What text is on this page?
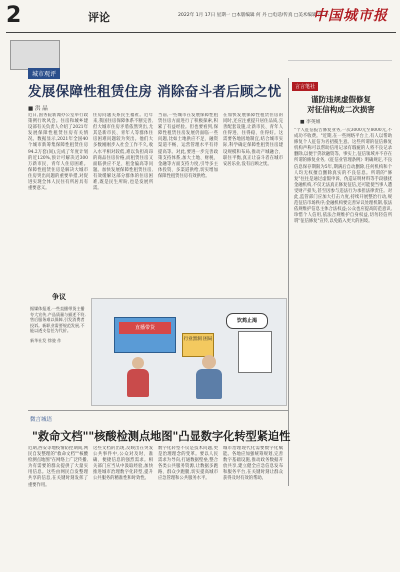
2	评论	2022年 1月 17日 星期一 □本版编辑 何 丹 □电话/传真 □美术编辑 邵 小
中国城市报
城市观评
发展保障性租赁住房 消除奋斗者后顾之忧
■ 洪 晶
近日,国务院新闻办公室举行政策例行吹风会。住房和城乡建设部有关负责人介绍了2021年发展保障性租赁住房有关情况。数据显示,2021年全国40个城市新筹集保障性租赁住房94.2万套(间),完成了年度计划的近120%,预计可解决近300万新市民、青年人住房困难。保障性租赁住房是解决大城市住房突出问题的重要举措,对促进实现全体人民住有所居具有重要意义。
住房问题关系民生福祉。近年来,我国住房保障体系不断完善,但大城市住房矛盾依然突出,尤其是新市民、青年人等群体住房困难问题较为突出。他们大多数刚刚步入社会工作不久,收入水平相对较低,难以负担高昂的商品住房价格,而租赁住房又面临供应不足、租金偏高等问题。加快发展保障性租赁住房,有效缓解这部分群体的住房困难,既是民生所盼,也是发展所需。
当前,一些城市在发展保障性租赁住房方面进行了积极探索,积累了有益经验。但也要看到,保障性租赁住房发展仍面临一些问题,比如土地供应不足、融资渠道不畅、运营管理水平有待提高等。对此,要进一步完善政策支持体系,加大土地、财税、金融等方面支持力度,引导多主体投资、多渠道供给,切实增加保障性租赁住房有效供给。
在加快发展保障性租赁住房的同时,还应注重提升居住品质,完善配套设施,让新市民、青年人住得进、住得稳、住得好。这需要各地因地制宜,结合城市实际,科学确定保障性租赁住房建设规模和布局,推动产城融合、职住平衡,真正让奋斗者在城市安居乐业,没有后顾之忧。
争议
据媒体报道,一些直播带货主播夸大宣传,产品质量与描述不符,售后服务难以保障,引发消费者投诉。新职业需要规范发展,不能以透支信任为代价。
新华社发 徐骏 作
直播带货
行业黑洞 困局
饮鸩止渴
言言笔社
谨防违规虚假修复
对征信构成二次损害
■ 李英姐
"个人征信报告修复业务,一次3000元至8000元,不成功不收费。"近期,在一些网络平台上,有人以帮助修复个人征信为名招揽生意。这些所谓的征信修复机构声称可以帮助信用记录有瑕疵的人将不良记录删除,以便于贷款融资等。事实上,征信领域并不存在所谓的修复业务,《征信业管理条例》明确规定,不良信息保存期限为5年,期满后自动删除,任何机构和个人均无权擅自删除真实的不良信息。所谓的"修复"往往是通过虚假申诉、伪造证明材料等手段骚扰金融机构,不仅无法真正修复征信,还可能使当事人遭受财产损失,甚至因参与违法行为承担法律责任。对此,监管部门应加大打击力度,持续开展整治行动,规范征信市场秩序;金融机构要完善异议处理机制,依法依规维护信息主体合法权益;公众也应提高防范意识,珍惜个人信用,依法合规维护自身权益,切勿轻信所谓"征信修复"宣传,以免陷入更大的困境。
微言城语
"救命文档""核酸检测点地图"凸显数字化转型紧迫性
近期,西安等地疫情防控期间,网民自发整理的"救命文档""核酸检测点地图"在网络上广泛传播,为有需要的群众提供了大量实用信息。这些由网民自发整理共享的信息,在关键时刻发挥了重要作用。
这些文档的出现,反映出在突发公共事件中,公众对及时、准确、便捷信息的强烈需求。相关部门应当从中汲取经验,加快推进城市治理数字化转型,提升公共服务的精准性和时效性。
数字化转型不仅是技术问题,更是治理理念的变革。要以人民需求为导向,打通数据壁垒,整合各类公共服务资源,让数据多跑路、群众少跑腿,切实提高城市应急管理和公共服务水平。
城市治理现代化需要数字化赋能。各地应加强统筹规划,完善数字基础设施,推动政务数据开放共享,建立健全应急信息发布和服务平台,在关键时刻让群众获得及时有效的帮助。
